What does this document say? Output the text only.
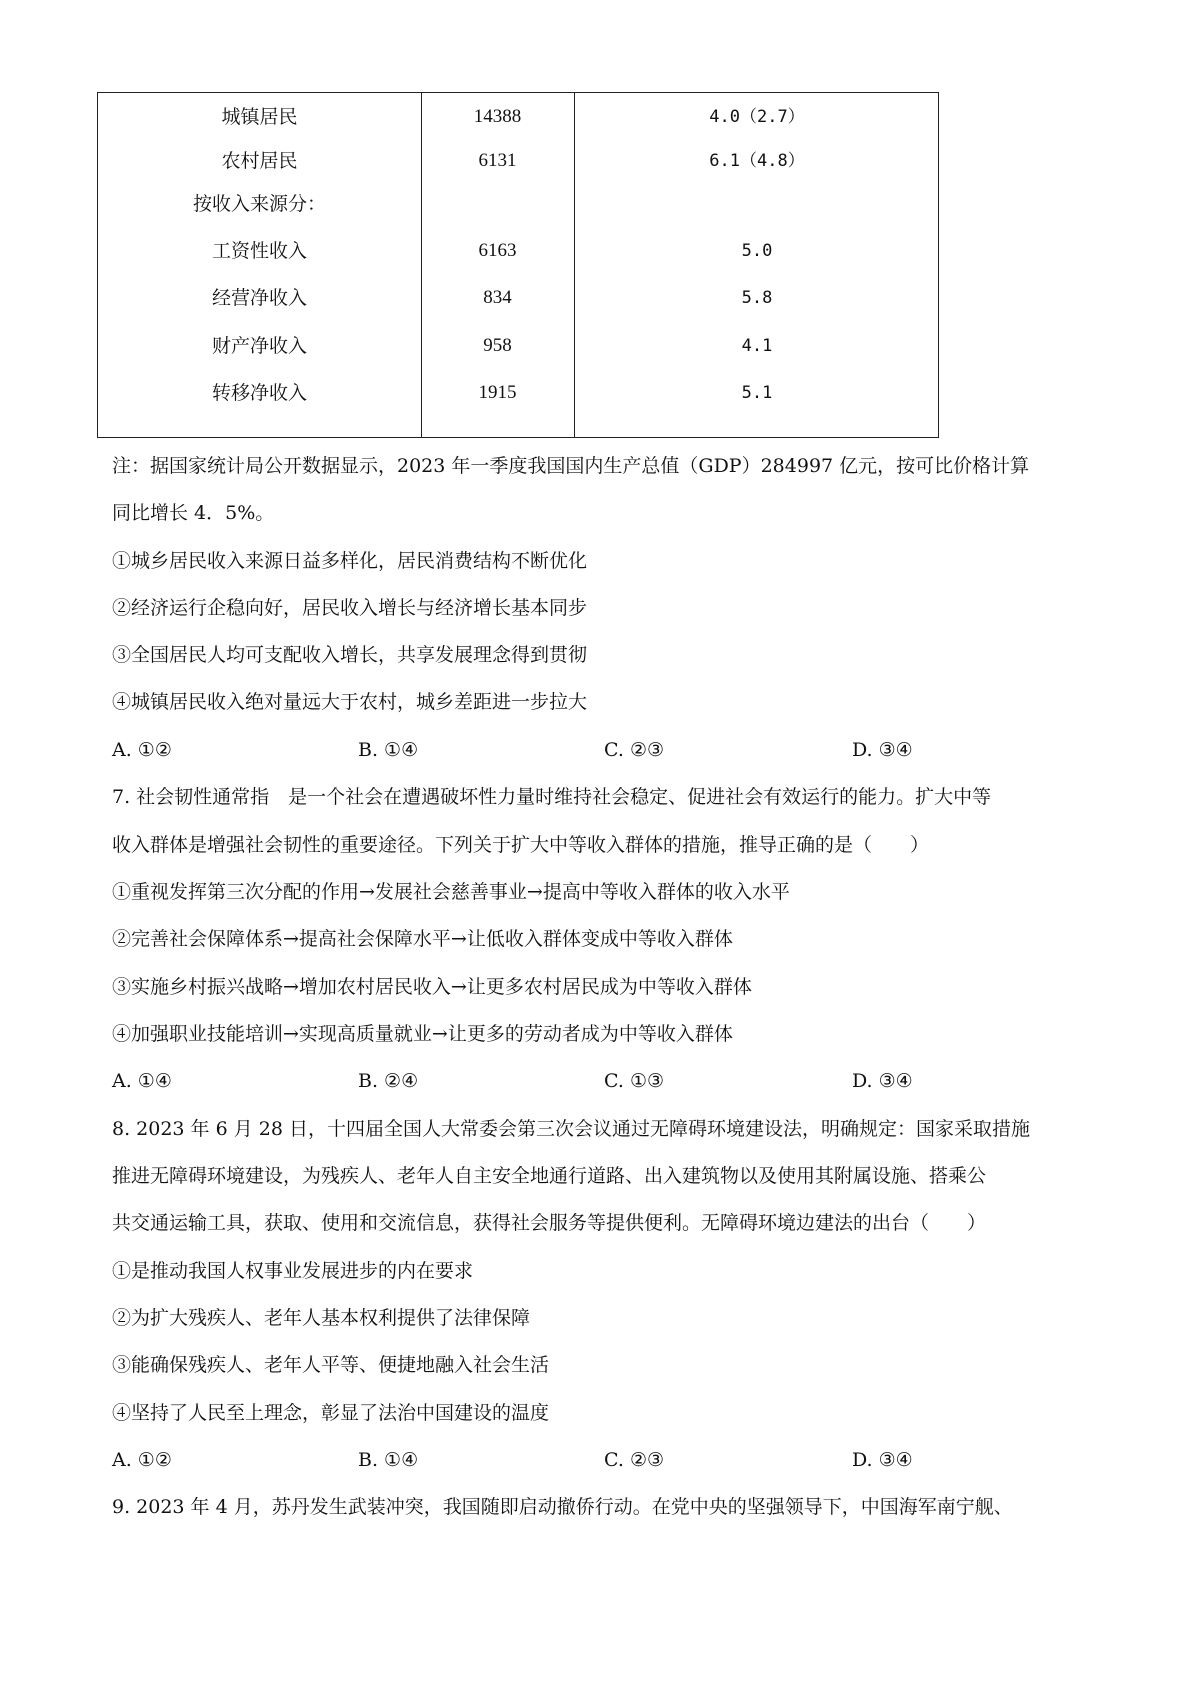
城镇居民	14388	4.0（2.7）
农村居民	6131	6.1（4.8）
按收入来源分：
工资性收入	6163	5.0
经营净收入	834	5.8
财产净收入	958	4.1
转移净收入	1915	5.1
注：据国家统计局公开数据显示，2023 年一季度我国国内生产总值（GDP）284997 亿元，按可比价格计算
同比增长 4．5%。
①城乡居民收入来源日益多样化，居民消费结构不断优化
②经济运行企稳向好，居民收入增长与经济增长基本同步
③全国居民人均可支配收入增长，共享发展理念得到贯彻
④城镇居民收入绝对量远大于农村，城乡差距进一步拉大
A. ①②	B. ①④	C. ②③	D. ③④
7. 社会韧性通常指　是一个社会在遭遇破坏性力量时维持社会稳定、促进社会有效运行的能力。扩大中等
收入群体是增强社会韧性的重要途径。下列关于扩大中等收入群体的措施，推导正确的是（　　）
①重视发挥第三次分配的作用→发展社会慈善事业→提高中等收入群体的收入水平
②完善社会保障体系→提高社会保障水平→让低收入群体变成中等收入群体
③实施乡村振兴战略→增加农村居民收入→让更多农村居民成为中等收入群体
④加强职业技能培训→实现高质量就业→让更多的劳动者成为中等收入群体
A. ①④	B. ②④	C. ①③	D. ③④
8. 2023 年 6 月 28 日，十四届全国人大常委会第三次会议通过无障碍环境建设法，明确规定：国家采取措施
推进无障碍环境建设，为残疾人、老年人自主安全地通行道路、出入建筑物以及使用其附属设施、搭乘公
共交通运输工具，获取、使用和交流信息，获得社会服务等提供便利。无障碍环境边建法的出台（　　）
①是推动我国人权事业发展进步的内在要求
②为扩大残疾人、老年人基本权利提供了法律保障
③能确保残疾人、老年人平等、便捷地融入社会生活
④坚持了人民至上理念，彰显了法治中国建设的温度
A. ①②	B. ①④	C. ②③	D. ③④
9. 2023 年 4 月，苏丹发生武装冲突，我国随即启动撤侨行动。在党中央的坚强领导下，中国海军南宁舰、
